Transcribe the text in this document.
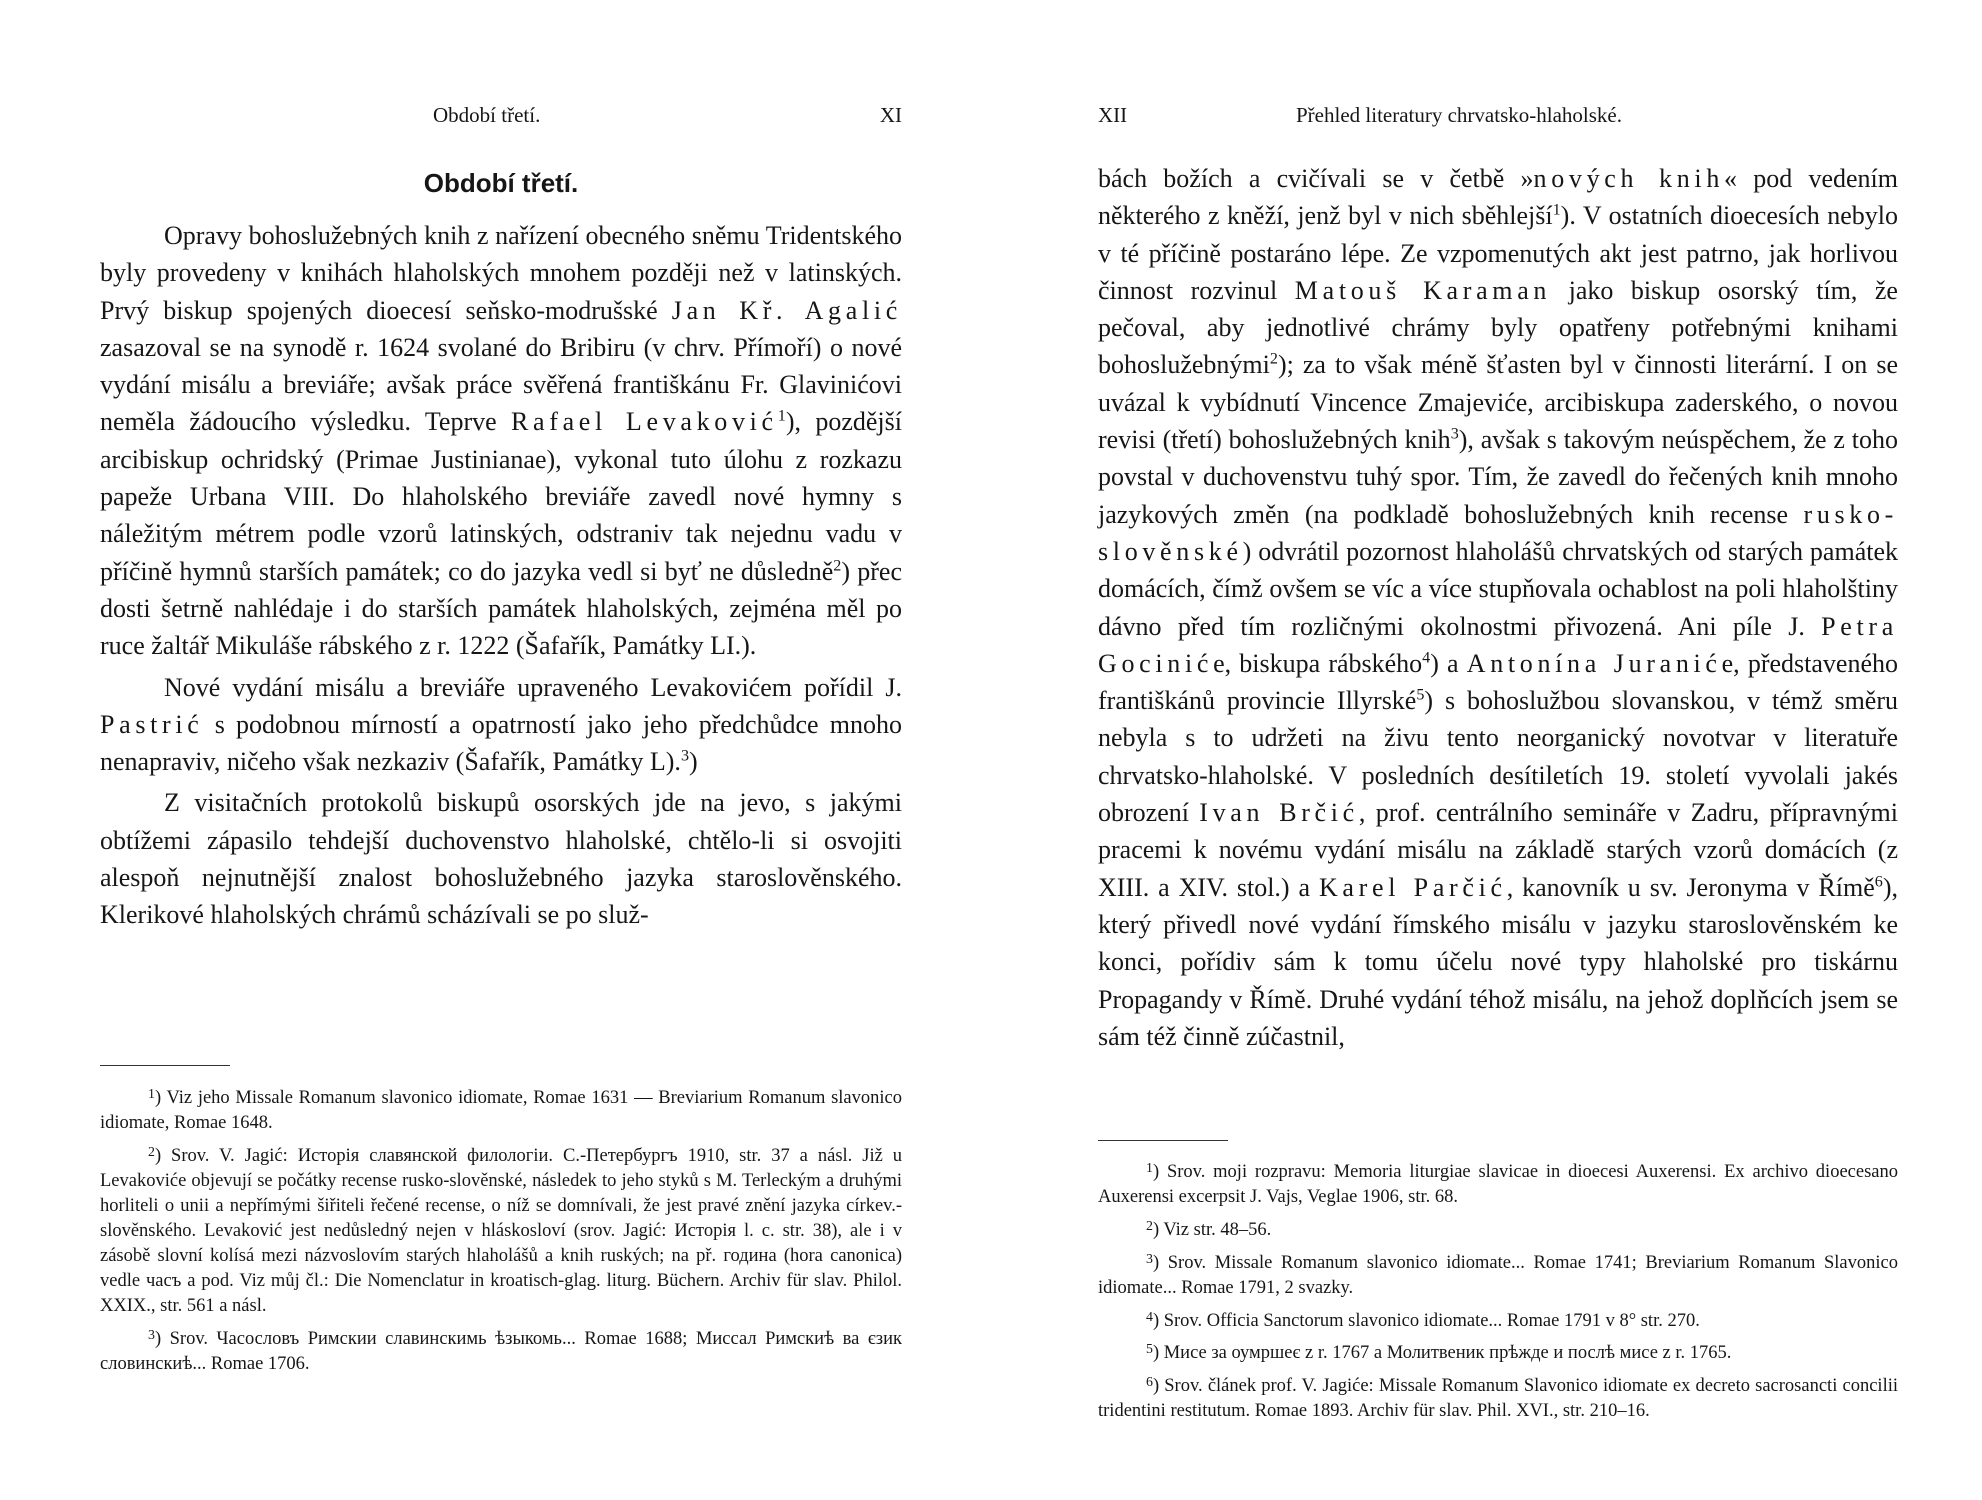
Období třetí.	XI
Období třetí.

Opravy bohoslužebných knih z nařízení obecného sněmu Tridentského byly provedeny v knihách hlaholských mnohem později než v latinských. Prvý biskup spojených dioecesí seňsko-modrušské Jan Kř. Agalić zasazoval se na synodě r. 1624 svolané do Bribiru (v chrv. Přímoří) o nové vydání misálu a breviáře; avšak práce svěřená františkánu Fr. Glavinićovi neměla žádoucího výsledku. Teprve Rafael Levaković$^1$), pozdější arcibiskup ochridský (Primae Justinianae), vykonal tuto úlohu z rozkazu papeže Urbana VIII. Do hlaholského breviáře zavedl nové hymny s náležitým métrem podle vzorů latinských, odstraniv tak nejednu vadu v příčině hymnů starších památek; co do jazyka vedl si byť ne důsledně$^2$) přec dosti šetrně nahlédaje i do starších památek hlaholských, zejména měl po ruce žaltář Mikuláše rábského z r. 1222 (Šafařík, Památky LI.).

Nové vydání misálu a breviáře upraveného Levakovićem pořídil J. Pastrić s podobnou mírností a opatrností jako jeho předchůdce mnoho nenapraviv, ničeho však nezkaziv (Šafařík, Památky L).$^3$)

Z visitačních protokolů biskupů osorských jde na jevo, s jakými obtížemi zápasilo tehdejší duchovenstvo hlaholské, chtělo-li si osvojiti alespoň nejnutnější znalost bohoslužebného jazyka staroslověnského. Klerikové hlaholských chrámů scházívali se po služ-

$^1$) Viz jeho Missale Romanum slavonico idiomate, Romae 1631 — Breviarium Romanum slavonico idiomate, Romae 1648.

$^2$) Srov. V. Jagić: Исторія славянской филологіи. С.-Петербургъ 1910, str. 37 a násl. Již u Levakoviće objevují se počátky recense rusko-slověnské, následek to jeho styků s M. Terleckým a druhými horliteli o unii a nepřímými šiřiteli řečené recense, o níž se domnívali, že jest pravé znění jazyka církev.-slověnského. Levaković jest nedůsledný nejen v hláskosloví (srov. Jagić: Исторія l. c. str. 38), ale i v zásobě slovní kolísá mezi názvoslovím starých hlaholášů a knih ruských; na př. годинa (hora canonica) vedle часъ a pod. Viz můj čl.: Die Nomenclatur in kroatisch-glag. liturg. Büchern. Archiv für slav. Philol. XXIX., str. 561 a násl.

$^3$) Srov. Часословъ Римскии славинскимь ѣзыкомь... Romae 1688; Миссал Римскиѣ ва єзик словинскиѣ... Romae 1706.

XII	Přehled literatury chrvatsko-hlaholské.

bách božích a cvičívali se v četbě »nových knih« pod vedením některého z kněží, jenž byl v nich sběhlejší$^1$). V ostatních dioecesích nebylo v té příčině postaráno lépe. Ze vzpomenutých akt jest patrno, jak horlivou činnost rozvinul Matouš Karaman jako biskup osorský tím, že pečoval, aby jednotlivé chrámy byly opatřeny potřebnými knihami bohoslužebnými$^2$); za to však méně šťasten byl v činnosti literární. I on se uvázal k vybídnutí Vincence Zmajeviće, arcibiskupa zaderského, o novou revisi (třetí) bohoslužebných knih$^3$), avšak s takovým neúspěchem, že z toho povstal v duchovenstvu tuhý spor. Tím, že zavedl do řečených knih mnoho jazykových změn (na podkladě bohoslužebných knih recense rusko-slověnské) odvrátil pozornost hlaholášů chrvatských od starých památek domácích, čímž ovšem se víc a více stupňovala ochablost na poli hlaholštiny dávno před tím rozličnými okolnostmi přivozená. Ani píle J. Petra Gociniće, biskupa rábského$^4$) a Antonína Juraniće, představeného františkánů provincie Illyrské$^5$) s bohoslužbou slovanskou, v témž směru nebyla s to udržeti na živu tento neorganický novotvar v literatuře chrvatsko-hlaholské. V posledních desítiletích 19. století vyvolali jakés obrození Ivan Brčić, prof. centrálního semináře v Zadru, přípravnými pracemi k novému vydání misálu na základě starých vzorů domácích (z XIII. a XIV. stol.) a Karel Parčić, kanovník u sv. Jeronyma v Římě$^6$), který přivedl nové vydání římského misálu v jazyku staroslověnském ke konci, pořídiv sám k tomu účelu nové typy hlaholské pro tiskárnu Propagandy v Římě. Druhé vydání téhož misálu, na jehož doplňcích jsem se sám též činně zúčastnil,

$^1$) Srov. moji rozpravu: Memoria liturgiae slavicae in dioecesi Auxerensi. Ex archivo dioecesano Auxerensi excerpsit J. Vajs, Veglae 1906, str. 68.

$^2$) Viz str. 48–56.

$^3$) Srov. Missale Romanum slavonico idiomate... Romae 1741; Breviarium Romanum Slavonico idiomate... Romae 1791, 2 svazky.

$^4$) Srov. Officia Sanctorum slavonico idiomate... Romae 1791 v 8° str. 270.

$^5$) Мисе за оумршеє z r. 1767 a Молитвеник прѣжде и послѣ мисе z r. 1765.

$^6$) Srov. článek prof. V. Jagiće: Missale Romanum Slavonico idiomate ex decreto sacrosancti concilii tridentini restitutum. Romae 1893. Archiv für slav. Phil. XVI., str. 210–16.
